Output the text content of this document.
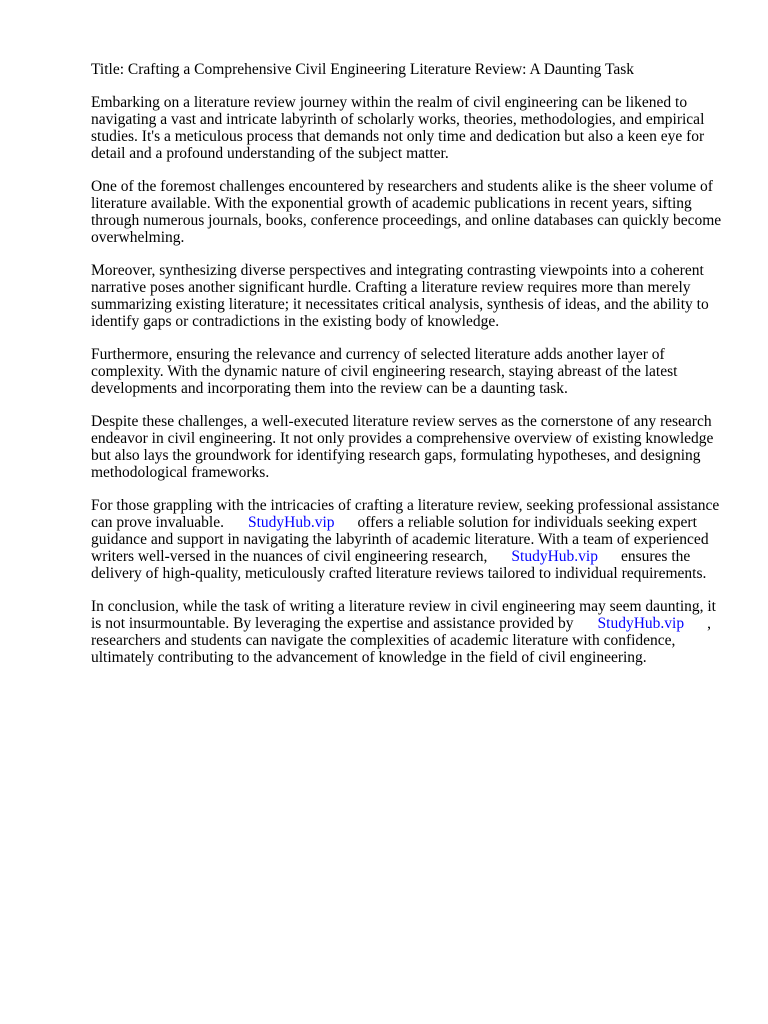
Title: Crafting a Comprehensive Civil Engineering Literature Review: A Daunting Task
Embarking on a literature review journey within the realm of civil engineering can be likened to
navigating a vast and intricate labyrinth of scholarly works, theories, methodologies, and empirical
studies. It's a meticulous process that demands not only time and dedication but also a keen eye for
detail and a profound understanding of the subject matter.
One of the foremost challenges encountered by researchers and students alike is the sheer volume of
literature available. With the exponential growth of academic publications in recent years, sifting
through numerous journals, books, conference proceedings, and online databases can quickly become
overwhelming.
Moreover, synthesizing diverse perspectives and integrating contrasting viewpoints into a coherent
narrative poses another significant hurdle. Crafting a literature review requires more than merely
summarizing existing literature; it necessitates critical analysis, synthesis of ideas, and the ability to
identify gaps or contradictions in the existing body of knowledge.
Furthermore, ensuring the relevance and currency of selected literature adds another layer of
complexity. With the dynamic nature of civil engineering research, staying abreast of the latest
developments and incorporating them into the review can be a daunting task.
Despite these challenges, a well-executed literature review serves as the cornerstone of any research
endeavor in civil engineering. It not only provides a comprehensive overview of existing knowledge
but also lays the groundwork for identifying research gaps, formulating hypotheses, and designing
methodological frameworks.
For those grappling with the intricacies of crafting a literature review, seeking professional assistance
can prove invaluable. StudyHub.vip offers a reliable solution for individuals seeking expert
guidance and support in navigating the labyrinth of academic literature. With a team of experienced
writers well-versed in the nuances of civil engineering research, StudyHub.vip ensures the
delivery of high-quality, meticulously crafted literature reviews tailored to individual requirements.
In conclusion, while the task of writing a literature review in civil engineering may seem daunting, it
is not insurmountable. By leveraging the expertise and assistance provided by StudyHub.vip ,
researchers and students can navigate the complexities of academic literature with confidence,
ultimately contributing to the advancement of knowledge in the field of civil engineering.
